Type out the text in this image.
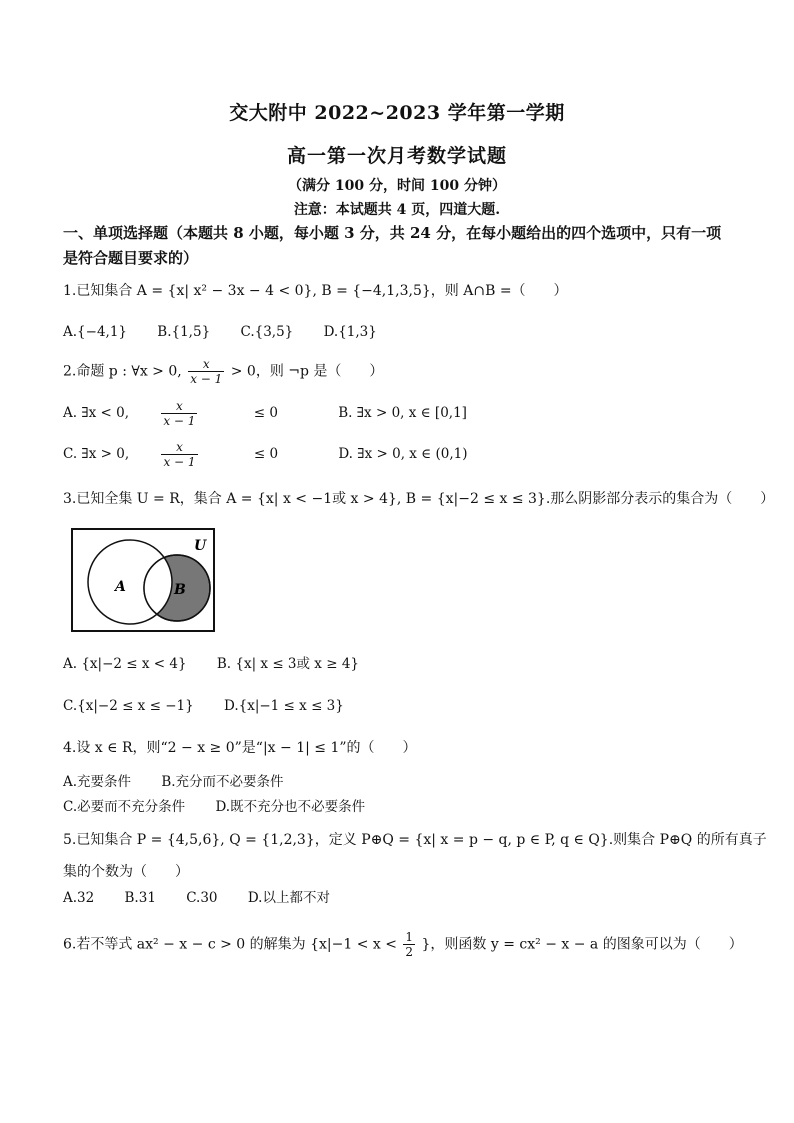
交大附中 2022~2023 学年第一学期
高一第一次月考数学试题
（满分 100 分，时间 100 分钟）
注意：本试题共 4 页，四道大题.
一、单项选择题（本题共 8 小题，每小题 3 分，共 24 分，在每小题给出的四个选项中，只有一项是符合题目要求的）
1.已知集合 A = {x| x² − 3x − 4 < 0}, B = {−4,1,3,5}，则 A∩B =（　　）
A.{−4,1} B.{1,5} C.{3,5} D.{1,3}
2.命题 p : ∀x > 0, $\frac{x}{x - 1} > 0$，则 ¬p 是（　　）
A. ∃x < 0,	$\frac{x}{x - 1} \le 0$	B. ∃x > 0, x ∈ [0,1]
C. ∃x > 0,	$\frac{x}{x - 1} \le 0$	D. ∃x > 0, x ∈ (0,1)
3.已知全集 U = R，集合 A = {x| x < −1或 x > 4}, B = {x|−2 ≤ x ≤ 3}.那么阴影部分表示的集合为（　　）
A	B
U
A. {x|−2 ≤ x < 4} B. {x| x ≤ 3或 x ≥ 4}
C.{x|−2 ≤ x ≤ −1} D.{x|−1 ≤ x ≤ 3}
4.设 x ∈ R，则“2 − x ≥ 0”是“|x − 1| ≤ 1”的（　　）
A.充要条件 B.充分而不必要条件
C.必要而不充分条件 D.既不充分也不必要条件
5.已知集合 P = {4,5,6}, Q = {1,2,3}，定义 P⊕Q = {x| x = p − q, p ∈ P, q ∈ Q}.则集合 P⊕Q 的所有真子
集的个数为（　　）
A.32 B.31 C.30 D.以上都不对
6.若不等式 ax² − x − c > 0 的解集为 {$x|-1 < x < \frac{1}{2}$ }，则函数 y = cx² − x − a 的图象可以为（　　）
